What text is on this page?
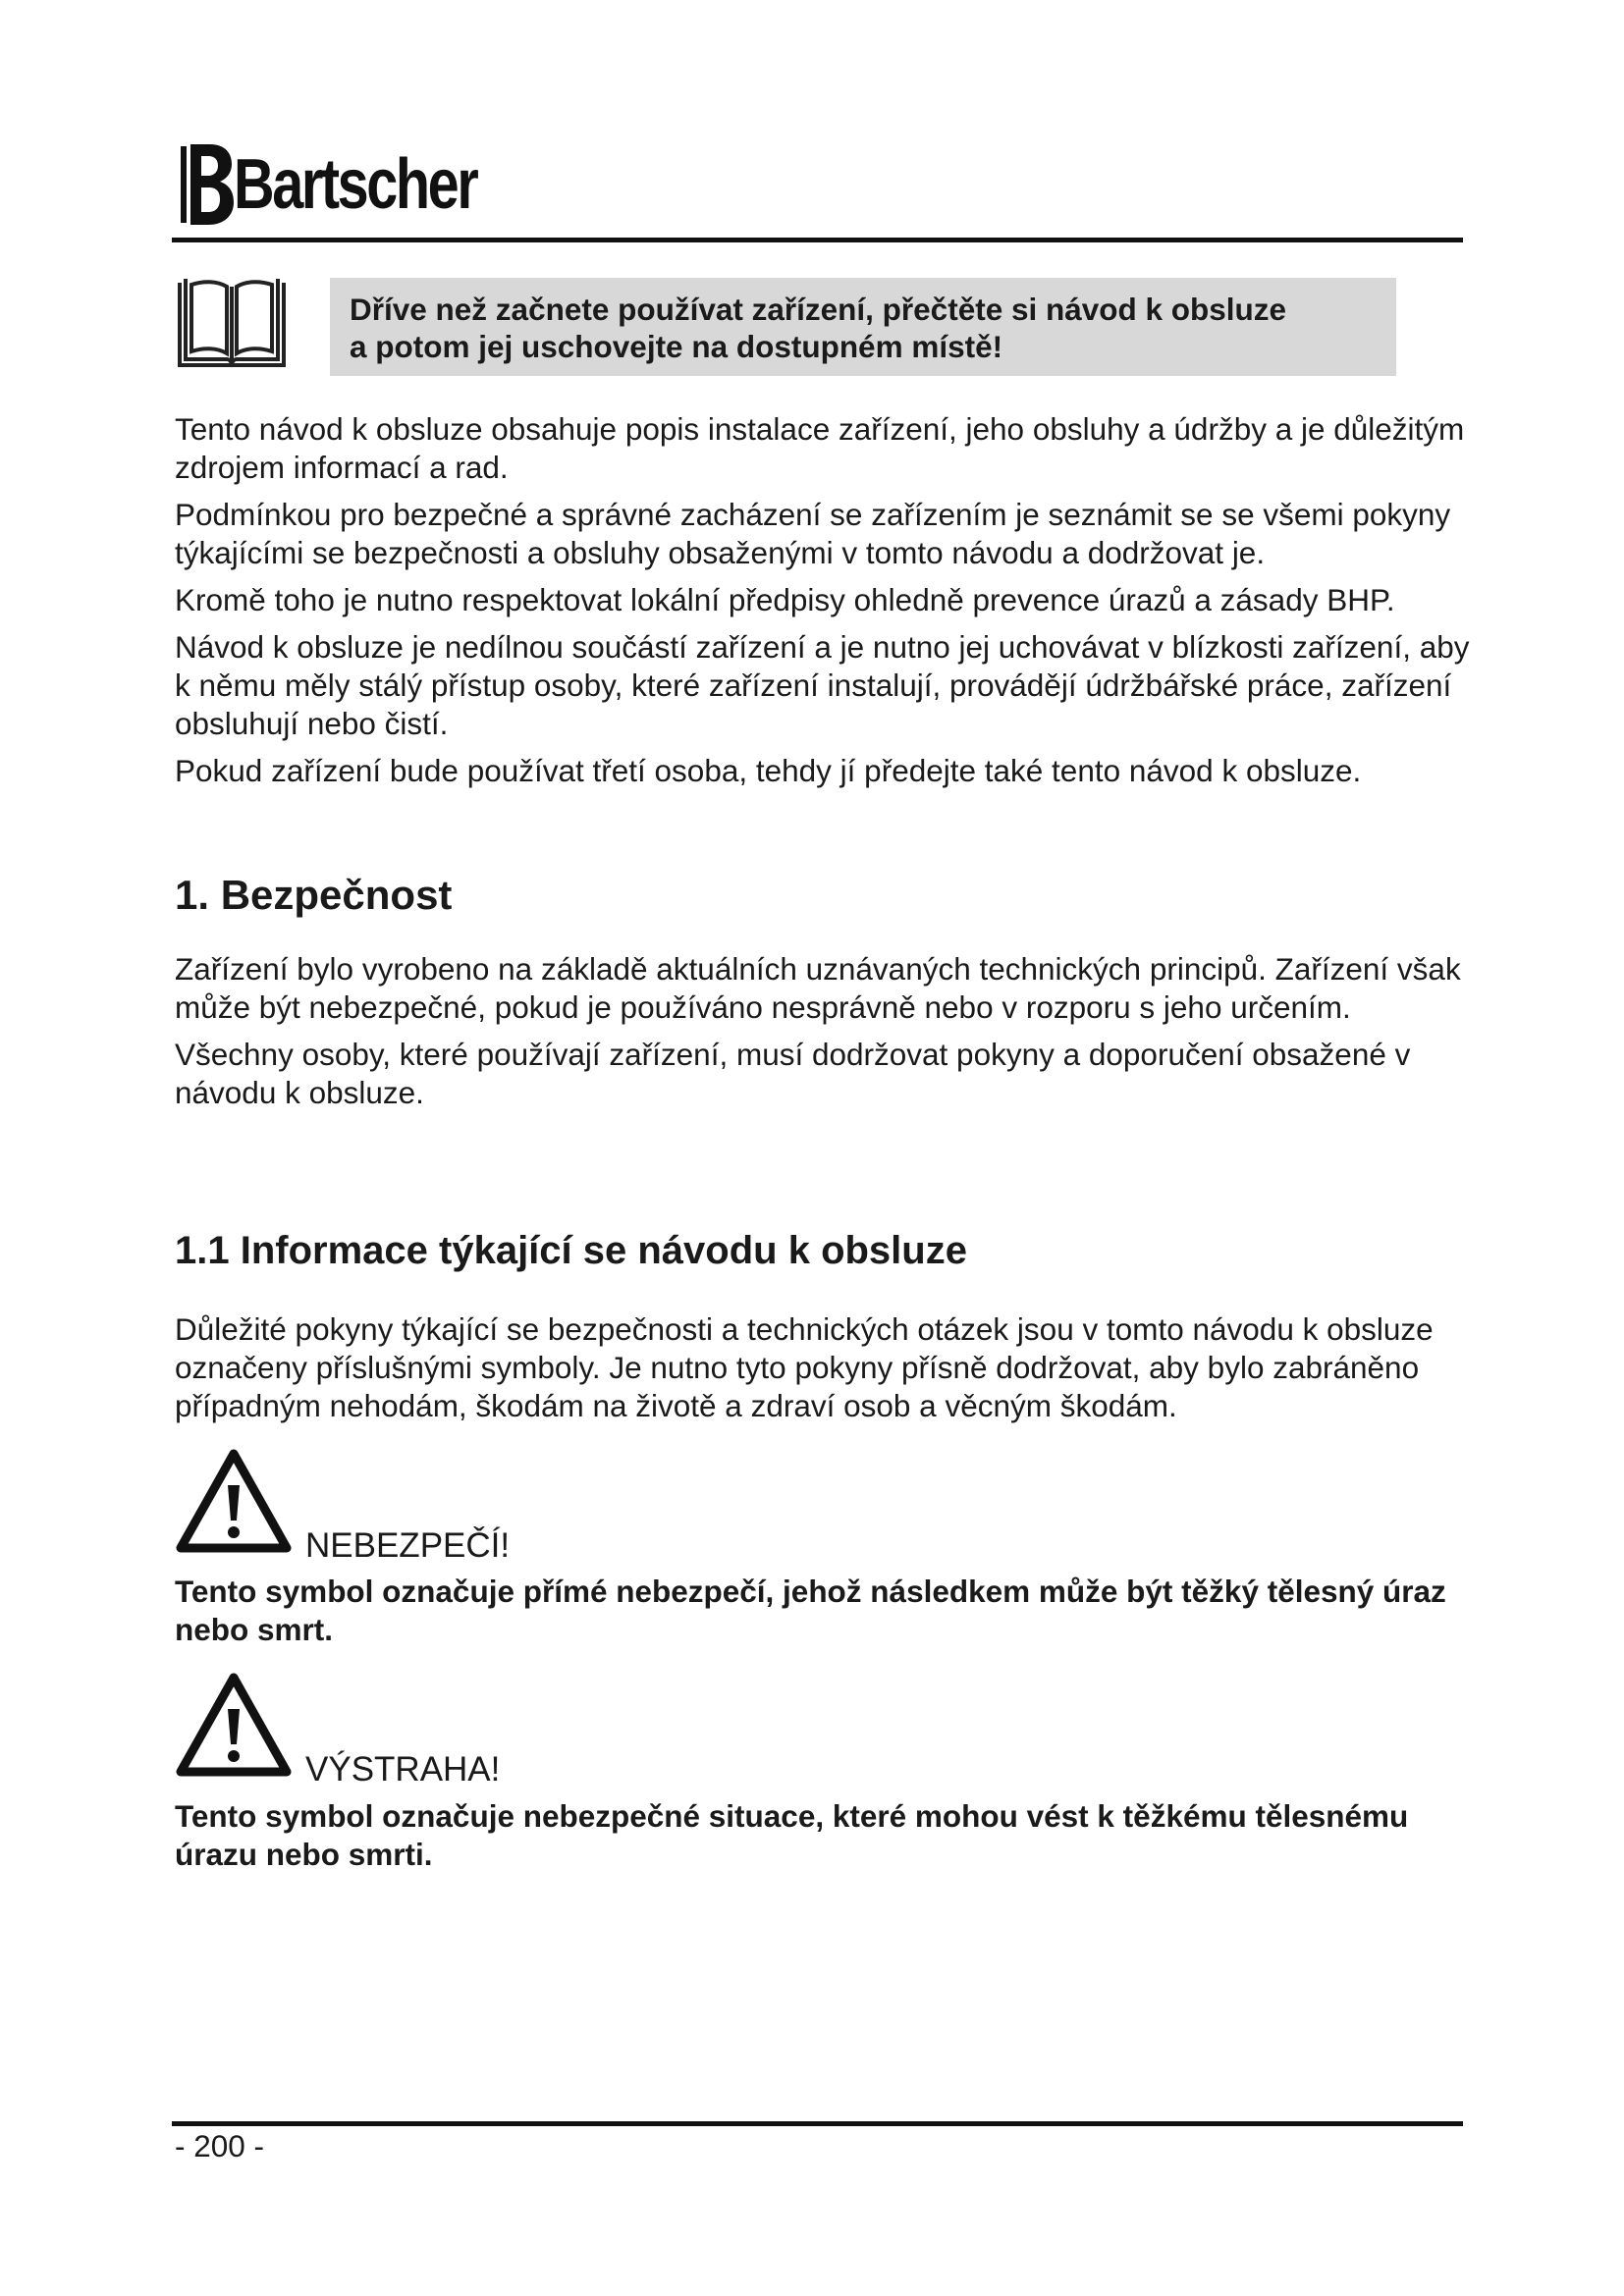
Bartscher

Dříve než začnete používat zařízení, přečtěte si návod k obsluze

a potom jej uschovejte na dostupném místě!

Tento návod k obsluze obsahuje popis instalace zařízení, jeho obsluhy a údržby a je důležitým zdrojem informací a rad.

Podmínkou pro bezpečné a správné zacházení se zařízením je seznámit se se všemi pokyny týkajícími se bezpečnosti a obsluhy obsaženými v tomto návodu a dodržovat je.

Kromě toho je nutno respektovat lokální předpisy ohledně prevence úrazů a zásady BHP.

Návod k obsluze je nedílnou součástí zařízení a je nutno jej uchovávat v blízkosti zařízení, aby k němu měly stálý přístup osoby, které zařízení instalují, provádějí údržbářské práce, zařízení obsluhují nebo čistí.

Pokud zařízení bude používat třetí osoba, tehdy jí předejte také tento návod k obsluze.

1. Bezpečnost

Zařízení bylo vyrobeno na základě aktuálních uznávaných technických principů. Zařízení však může být nebezpečné, pokud je používáno nesprávně nebo v rozporu s jeho určením.

Všechny osoby, které používají zařízení, musí dodržovat pokyny a doporučení obsažené v návodu k obsluze.

1.1 Informace týkající se návodu k obsluze

Důležité pokyny týkající se bezpečnosti a technických otázek jsou v tomto návodu k obsluze označeny příslušnými symboly. Je nutno tyto pokyny přísně dodržovat, aby bylo zabráněno případným nehodám, škodám na životě a zdraví osob a věcným škodám.

NEBEZPEČÍ!

Tento symbol označuje přímé nebezpečí, jehož následkem může být těžký tělesný úraz nebo smrt.

VÝSTRAHA!

Tento symbol označuje nebezpečné situace, které mohou vést k těžkému tělesnému úrazu nebo smrti.

- 200 -
